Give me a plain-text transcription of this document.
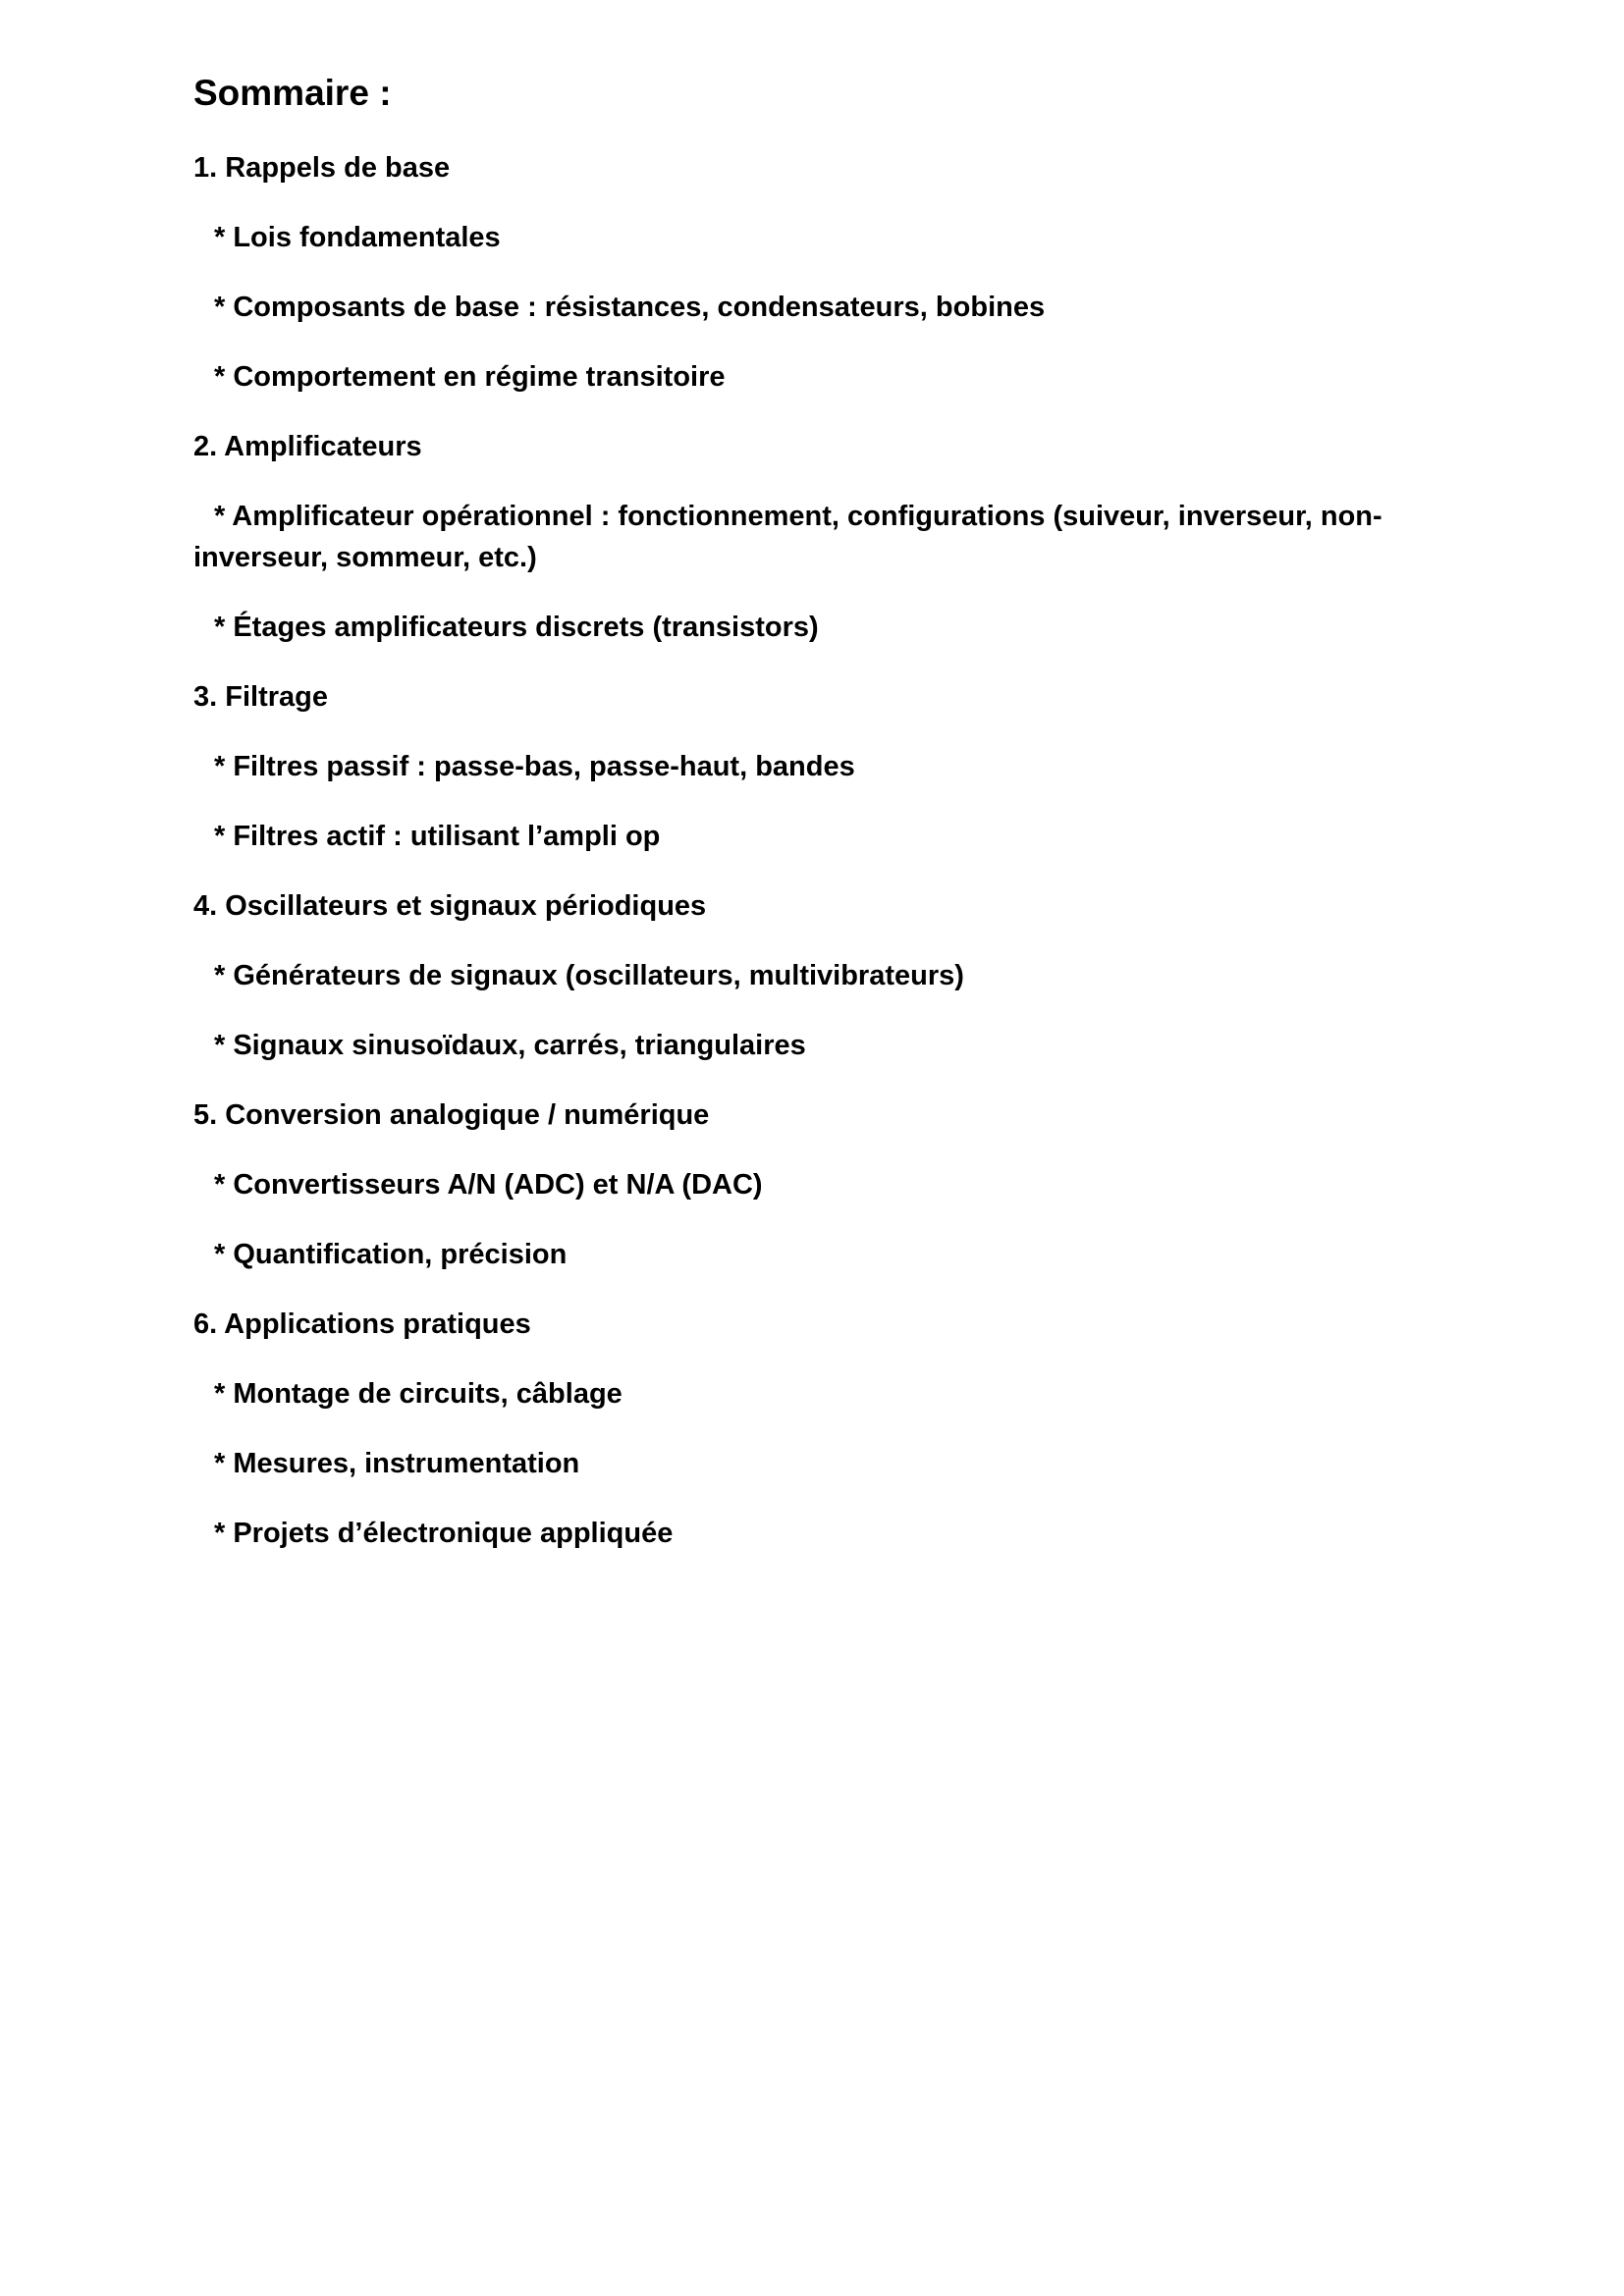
Sommaire :
1. Rappels de base
* Lois fondamentales
* Composants de base : résistances, condensateurs, bobines
* Comportement en régime transitoire
2. Amplificateurs
* Amplificateur opérationnel : fonctionnement, configurations (suiveur, inverseur, non-inverseur, sommeur, etc.)
* Étages amplificateurs discrets (transistors)
3. Filtrage
* Filtres passif : passe-bas, passe-haut, bandes
* Filtres actif : utilisant l’ampli op
4. Oscillateurs et signaux périodiques
* Générateurs de signaux (oscillateurs, multivibrateurs)
* Signaux sinusoïdaux, carrés, triangulaires
5. Conversion analogique / numérique
* Convertisseurs A/N (ADC) et N/A (DAC)
* Quantification, précision
6. Applications pratiques
* Montage de circuits, câblage
* Mesures, instrumentation
* Projets d’électronique appliquée
